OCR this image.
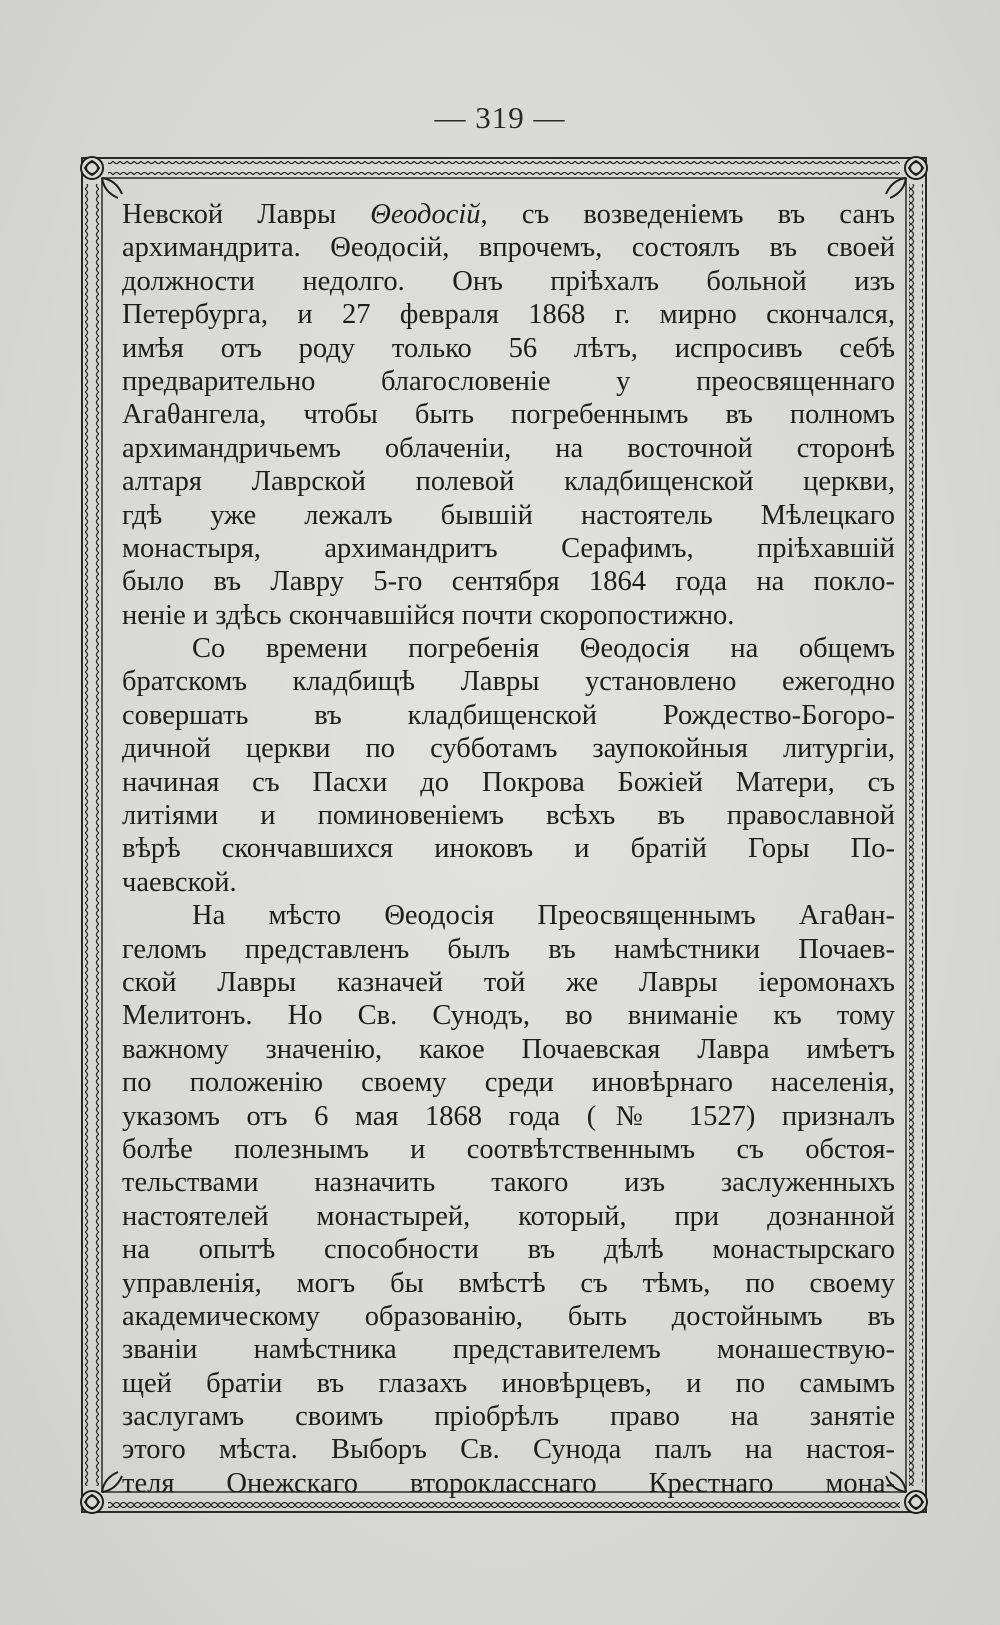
— 319 —
Невской Лавры Θеодосій, съ возведеніемъ въ санъ
архимандрита. Θеодосій, впрочемъ, состоялъ въ своей
должности недолго. Онъ пріѣхалъ больной изъ
Петербурга, и 27 февраля 1868 г. мирно скончался,
имѣя отъ роду только 56 лѣтъ, испросивъ себѣ
предварительно благословеніе у преосвященнаго
Агаθангела, чтобы быть погребеннымъ въ полномъ
архимандричьемъ облаченіи, на восточной сторонѣ
алтаря Лаврской полевой кладбищенской церкви,
гдѣ уже лежалъ бывшій настоятель Мѣлецкаго
монастыря, архимандритъ Серафимъ, пріѣхавшій
было въ Лавру 5-го сентября 1864 года на покло-
неніе и здѣсь скончавшійся почти скоропостижно.
Со времени погребенія Θеодосія на общемъ
братскомъ кладбищѣ Лавры установлено ежегодно
совершать въ кладбищенской Рождество-Богоро-
дичной церкви по субботамъ заупокойныя литургіи,
начиная съ Пасхи до Покрова Божіей Матери, съ
литіями и поминовеніемъ всѣхъ въ православной
вѣрѣ скончавшихся иноковъ и братій Горы По-
чаевской.
На мѣсто Θеодосія Преосвященнымъ Агаθан-
геломъ представленъ былъ въ намѣстники Почаев-
ской Лавры казначей той же Лавры іеромонахъ
Мелитонъ. Но Св. Сунодъ, во вниманіе къ тому
важному значенію, какое Почаевская Лавра имѣетъ
по положенію своему среди иновѣрнаго населенія,
указомъ отъ 6 мая 1868 года (№ 1527) призналъ
болѣе полезнымъ и соотвѣтственнымъ съ обстоя-
тельствами назначить такого изъ заслуженныхъ
настоятелей монастырей, который, при дознанной
на опытѣ способности въ дѣлѣ монастырскаго
управленія, могъ бы вмѣстѣ съ тѣмъ, по своему
академическому образованію, быть достойнымъ въ
званіи намѣстника представителемъ монашествую-
щей братіи въ глазахъ иновѣрцевъ, и по самымъ
заслугамъ своимъ пріобрѣлъ право на занятіе
этого мѣста. Выборъ Св. Сунода палъ на настоя-
теля Онежскаго второкласснаго Крестнаго мона-
